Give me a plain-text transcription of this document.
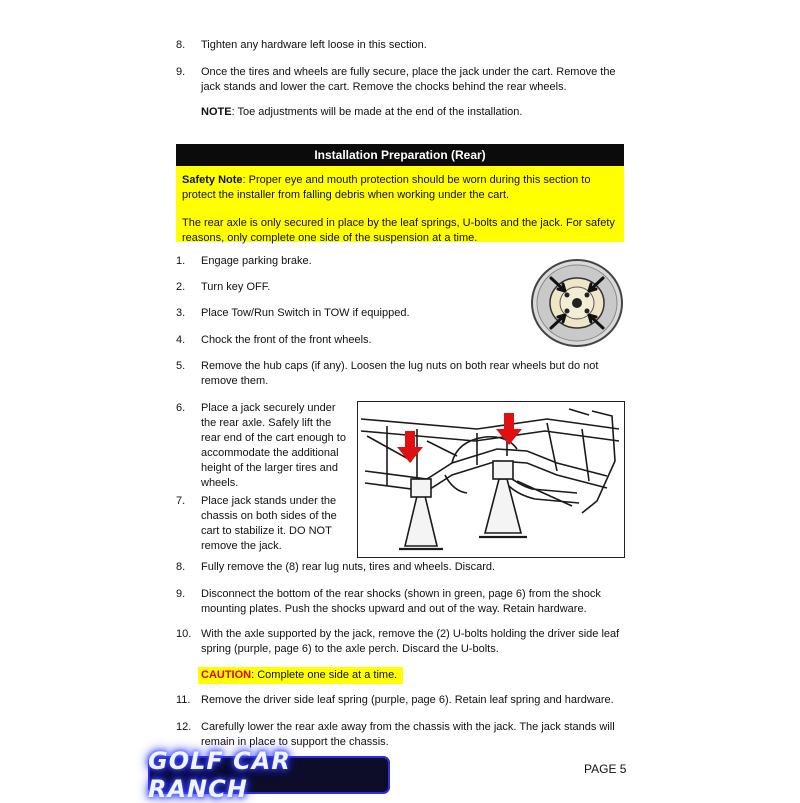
8. Tighten any hardware left loose in this section.
9. Once the tires and wheels are fully secure, place the jack under the cart. Remove the
jack stands and lower the cart. Remove the chocks behind the rear wheels.
NOTE: Toe adjustments will be made at the end of the installation.
Installation Preparation (Rear)

Safety Note: Proper eye and mouth protection should be worn during this section to
protect the installer from falling debris when working under the cart.

The rear axle is only secured in place by the leaf springs, U-bolts and the jack. For safety
reasons, only complete one side of the suspension at a time.

1. Engage parking brake.
2. Turn key OFF.
3. Place Tow/Run Switch in TOW if equipped.
4. Chock the front of the front wheels.
5. Remove the hub caps (if any). Loosen the lug nuts on both rear wheels but do not
remove them.
6. Place a jack securely under
the rear axle. Safely lift the
rear end of the cart enough to
accommodate the additional
height of the larger tires and
wheels.
7. Place jack stands under the
chassis on both sides of the
cart to stabilize it. DO NOT
remove the jack.
8. Fully remove the (8) rear lug nuts, tires and wheels. Discard.
9. Disconnect the bottom of the rear shocks (shown in green, page 6) from the shock
mounting plates. Push the shocks upward and out of the way. Retain hardware.
10. With the axle supported by the jack, remove the (2) U-bolts holding the driver side leaf
spring (purple, page 6) to the axle perch. Discard the U-bolts.
CAUTION: Complete one side at a time.
11. Remove the driver side leaf spring (purple, page 6). Retain leaf spring and hardware.
12. Carefully lower the rear axle away from the chassis with the jack. The jack stands will
remain in place to support the chassis.
GOLF CAR RANCH
PAGE 5
